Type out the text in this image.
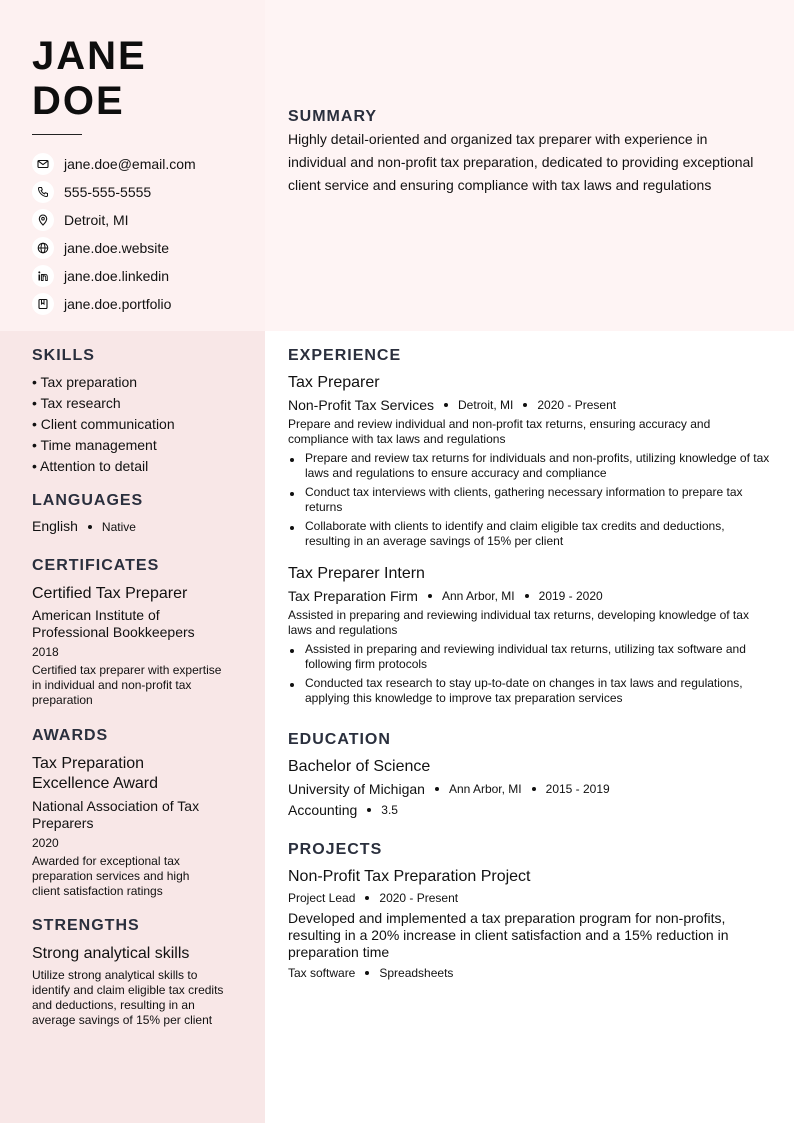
JANE
DOE
jane.doe@email.com
555-555-5555
Detroit, MI
jane.doe.website
jane.doe.linkedin
jane.doe.portfolio
SUMMARY
Highly detail-oriented and organized tax preparer with experience in individual and non-profit tax preparation, dedicated to providing exceptional client service and ensuring compliance with tax laws and regulations
SKILLS
• Tax preparation
• Tax research
• Client communication
• Time management
• Attention to detail
LANGUAGES
English Native
CERTIFICATES
Certified Tax Preparer
American Institute of Professional Bookkeepers
2018
Certified tax preparer with expertise in individual and non-profit tax preparation
AWARDS
Tax Preparation Excellence Award
National Association of Tax Preparers
2020
Awarded for exceptional tax preparation services and high client satisfaction ratings
STRENGTHS
Strong analytical skills
Utilize strong analytical skills to identify and claim eligible tax credits and deductions, resulting in an average savings of 15% per client
EXPERIENCE
Tax Preparer
Non-Profit Tax Services Detroit, MI 2020 - Present
Prepare and review individual and non-profit tax returns, ensuring accuracy and compliance with tax laws and regulations
Prepare and review tax returns for individuals and non-profits, utilizing knowledge of tax laws and regulations to ensure accuracy and compliance
Conduct tax interviews with clients, gathering necessary information to prepare tax returns
Collaborate with clients to identify and claim eligible tax credits and deductions, resulting in an average savings of 15% per client
Tax Preparer Intern
Tax Preparation Firm Ann Arbor, MI 2019 - 2020
Assisted in preparing and reviewing individual tax returns, developing knowledge of tax laws and regulations
Assisted in preparing and reviewing individual tax returns, utilizing tax software and following firm protocols
Conducted tax research to stay up-to-date on changes in tax laws and regulations, applying this knowledge to improve tax preparation services
EDUCATION
Bachelor of Science
University of Michigan Ann Arbor, MI 2015 - 2019
Accounting 3.5
PROJECTS
Non-Profit Tax Preparation Project
Project Lead 2020 - Present
Developed and implemented a tax preparation program for non-profits, resulting in a 20% increase in client satisfaction and a 15% reduction in preparation time
Tax software Spreadsheets
